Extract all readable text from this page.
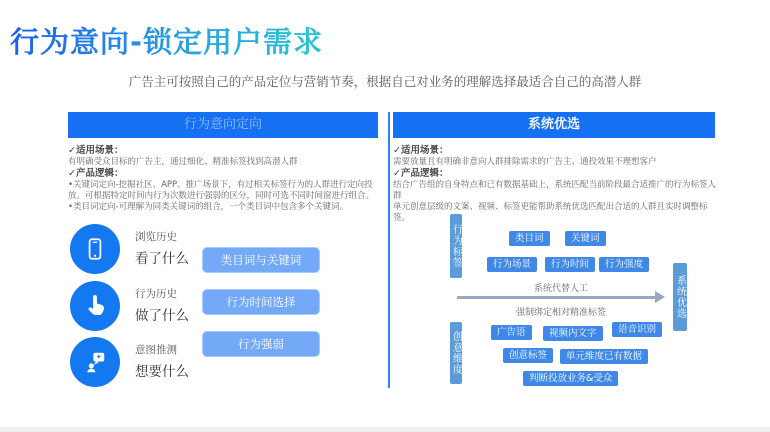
行为意向-锁定用户需求
广告主可按照自己的产品定位与营销节奏，根据自己对业务的理解选择最适合自己的高潜人群
行为意向定向
✓适用场景：
有明确受众目标的广告主，通过细化、精准标签找到高潜人群
✓产品逻辑：
•关键词定向-挖掘社区、APP、推广场景下，有过相关标签行为的人群进行定向投放。可根据特定时间内行为次数进行强弱的区分，同时可选不同时间窗进行组合。
•类目词定向-可理解为同类关键词的组合，一个类目词中包含多个关键词。
浏览历史
看了什么	类目词与关键词
行为历史
做了什么
行为时间选择
意图推测
想要什么
行为强弱
系统优选
✓适用场景：
需要放量且有明确非意向人群排除需求的广告主、通投效果不理想客户
✓产品逻辑：
结合广告组的自身特点和已有数据基础上，系统匹配当前阶段最合适推广的行为标签人群
单元创意层级的文案、视频、标签更能帮助系统优选匹配出合适的人群且实时调整标签。
行为标签	类目词	关键词
行为场景	行为时间	行为强度
系统代替人工
强制绑定相对精准标签
创意维度	广告语	视频内文字	语音识别
创意标签	单元维度已有数据
判断投放业务&受众
系统优选
